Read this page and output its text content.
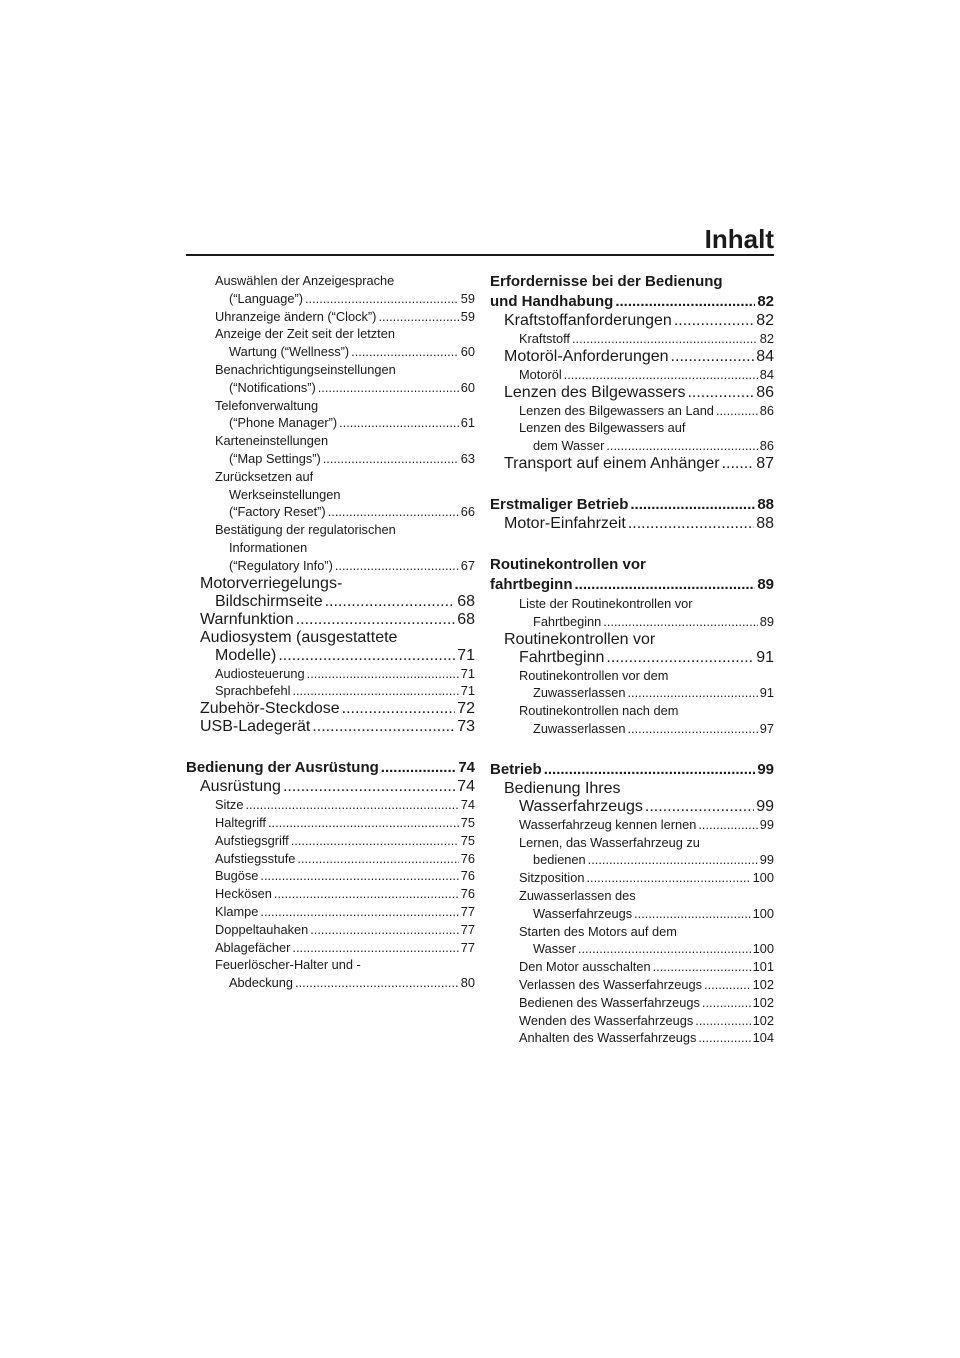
Inhalt
Auswählen der Anzeigesprache
(“Language”) .....	59
Uhranzeige ändern (“Clock”) .....	59
Anzeige der Zeit seit der letzten
Wartung (“Wellness”) .....	60
Benachrichtigungseinstellungen
(“Notifications”) .....	60
Telefonverwaltung
(“Phone Manager”) .....	61
Karteneinstellungen
(“Map Settings”) .....	63
Zurücksetzen auf
Werkseinstellungen
(“Factory Reset”) .....	66
Bestätigung der regulatorischen
Informationen
(“Regulatory Info”) .....	67
Motorverriegelungs-
Bildschirmseite .....	68
Warnfunktion .....	68
Audiosystem (ausgestattete
Modelle) .....	71
Audiosteuerung .....	71
Sprachbefehl .....	71
Zubehör-Steckdose .....	72
USB-Ladegerät .....	73
Bedienung der Ausrüstung .....	74
Ausrüstung .....	74
Sitze .....	74
Haltegriff .....	75
Aufstiegsgriff .....	75
Aufstiegsstufe .....	76
Bugöse .....	76
Heckösen .....	76
Klampe .....	77
Doppeltauhaken .....	77
Ablagefächer .....	77
Feuerlöscher-Halter und -
Abdeckung .....	80
Erfordernisse bei der Bedienung
und Handhabung .....	82
Kraftstoffanforderungen .....	82
Kraftstoff .....	82
Motoröl-Anforderungen .....	84
Motoröl .....	84
Lenzen des Bilgewassers .....	86
Lenzen des Bilgewassers an Land .....	86
Lenzen des Bilgewassers auf
dem Wasser .....	86
Transport auf einem Anhänger ..... 87
Erstmaliger Betrieb .....	88
Motor-Einfahrzeit .....	88
Routinekontrollen vor
fahrtbeginn .....	89
Liste der Routinekontrollen vor
Fahrtbeginn .....	89
Routinekontrollen vor
Fahrtbeginn .....	91
Routinekontrollen vor dem
Zuwasserlassen .....	91
Routinekontrollen nach dem
Zuwasserlassen .....	97
Betrieb .....	99
Bedienung Ihres
Wasserfahrzeugs .....	99
Wasserfahrzeug kennen lernen .....	99
Lernen, das Wasserfahrzeug zu
bedienen .....	99
Sitzposition .....	100
Zuwasserlassen des
Wasserfahrzeugs .....	100
Starten des Motors auf dem
Wasser .....	100
Den Motor ausschalten .....	101
Verlassen des Wasserfahrzeugs .....	102
Bedienen des Wasserfahrzeugs .....	102
Wenden des Wasserfahrzeugs .....	102
Anhalten des Wasserfahrzeugs .....	104
